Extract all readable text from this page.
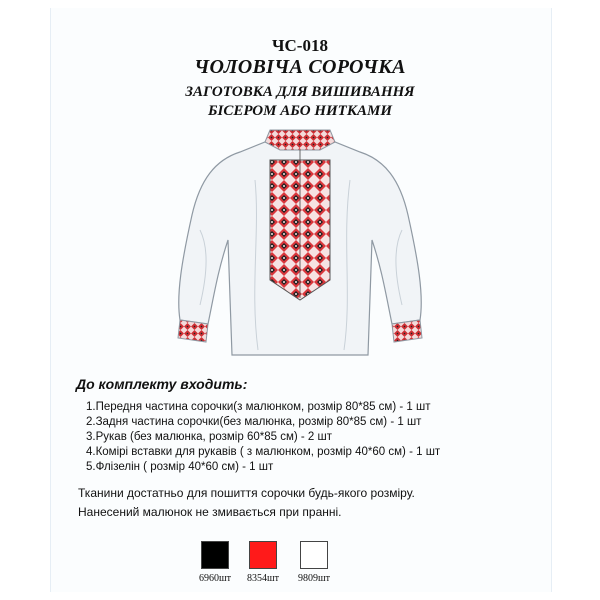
ЧС-018
ЧОЛОВІЧА СОРОЧКА
ЗАГОТОВКА ДЛЯ ВИШИВАННЯ
БІСЕРОМ АБО НИТКАМИ
До комплекту входить:
1.Передня частина сорочки(з малюнком, розмір 80*85 см) - 1 шт
2.Задня частина сорочки(без малюнка, розмір 80*85 см) - 1 шт
3.Рукав (без малюнка, розмір 60*85 см) - 2 шт
4.Комірі вставки для рукавів ( з малюнком, розмір 40*60 см) - 1 шт
5.Флізелін ( розмір 40*60 см) - 1 шт
Тканини достатньо для пошиття сорочки будь-якого розміру.
Нанесений малюнок не змивається при пранні.
6960шт	8354шт	9809шт
